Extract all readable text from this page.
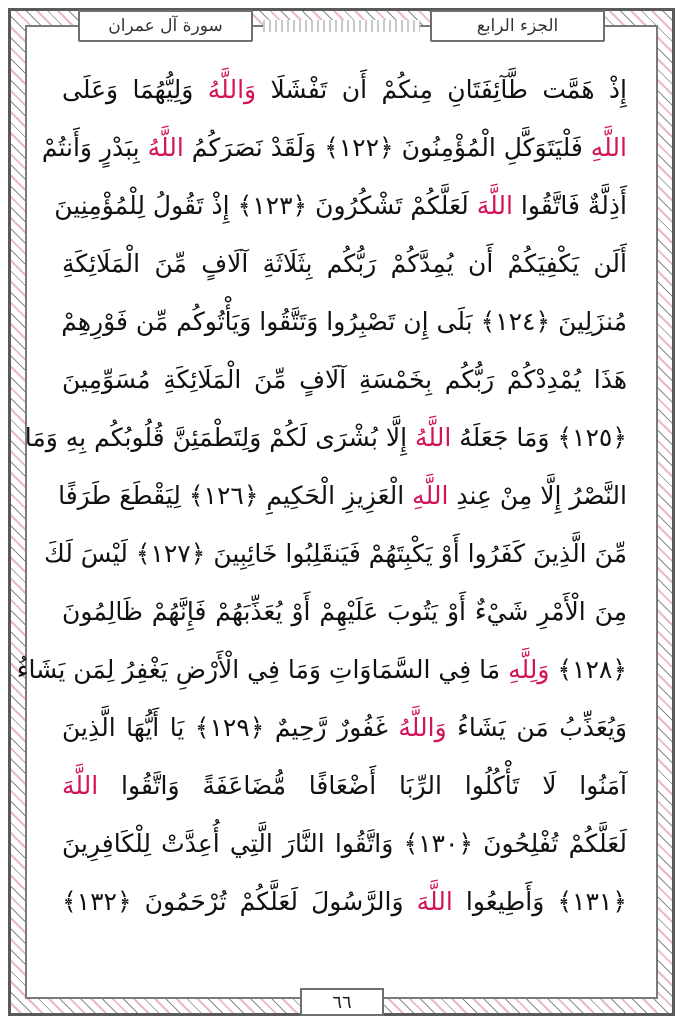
سورة آل عمران	الجزء الرابع
إِذْ هَمَّت طَّآئِفَتَانِ مِنكُمْ أَن تَفْشَلَا وَاللَّهُ وَلِيُّهُمَا وَعَلَى
اللَّهِ فَلْيَتَوَكَّلِ الْمُؤْمِنُونَ ﴿١٢٢﴾ وَلَقَدْ نَصَرَكُمُ اللَّهُ بِبَدْرٍ وَأَنتُمْ
أَذِلَّةٌ فَاتَّقُوا اللَّهَ لَعَلَّكُمْ تَشْكُرُونَ ﴿١٢٣﴾ إِذْ تَقُولُ لِلْمُؤْمِنِينَ
أَلَن يَكْفِيَكُمْ أَن يُمِدَّكُمْ رَبُّكُم بِثَلَاثَةِ آلَافٍ مِّنَ الْمَلَائِكَةِ
مُنزَلِينَ ﴿١٢٤﴾ بَلَى إِن تَصْبِرُوا وَتَتَّقُوا وَيَأْتُوكُم مِّن فَوْرِهِمْ
هَذَا يُمْدِدْكُمْ رَبُّكُم بِخَمْسَةِ آلَافٍ مِّنَ الْمَلَائِكَةِ مُسَوِّمِينَ
﴿١٢٥﴾ وَمَا جَعَلَهُ اللَّهُ إِلَّا بُشْرَى لَكُمْ وَلِتَطْمَئِنَّ قُلُوبُكُم بِهِ وَمَا
النَّصْرُ إِلَّا مِنْ عِندِ اللَّهِ الْعَزِيزِ الْحَكِيمِ ﴿١٢٦﴾ لِيَقْطَعَ طَرَفًا
مِّنَ الَّذِينَ كَفَرُوا أَوْ يَكْبِتَهُمْ فَيَنقَلِبُوا خَائِبِينَ ﴿١٢٧﴾ لَيْسَ لَكَ
مِنَ الْأَمْرِ شَيْءٌ أَوْ يَتُوبَ عَلَيْهِمْ أَوْ يُعَذِّبَهُمْ فَإِنَّهُمْ ظَالِمُونَ
﴿١٢٨﴾ وَلِلَّهِ مَا فِي السَّمَاوَاتِ وَمَا فِي الْأَرْضِ يَغْفِرُ لِمَن يَشَاءُ
وَيُعَذِّبُ مَن يَشَاءُ وَاللَّهُ غَفُورٌ رَّحِيمٌ ﴿١٢٩﴾ يَا أَيُّهَا الَّذِينَ
آمَنُوا لَا تَأْكُلُوا الرِّبَا أَضْعَافًا مُّضَاعَفَةً وَاتَّقُوا اللَّهَ
لَعَلَّكُمْ تُفْلِحُونَ ﴿١٣٠﴾ وَاتَّقُوا النَّارَ الَّتِي أُعِدَّتْ لِلْكَافِرِينَ
﴿١٣١﴾ وَأَطِيعُوا اللَّهَ وَالرَّسُولَ لَعَلَّكُمْ تُرْحَمُونَ ﴿١٣٢﴾
٦٦
